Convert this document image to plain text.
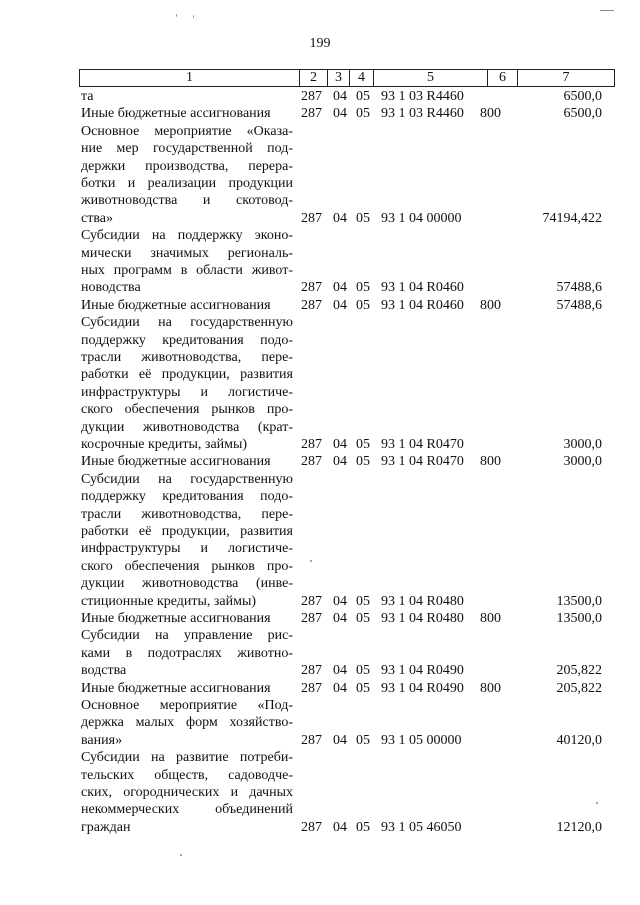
199
1	2	3	4	5	6	7
та	287 04 05 93 1 03 R4460	6500,0
Иные бюджетные ассигнования	287 04 05 93 1 03 R4460 800	6500,0
Основное мероприятие «Оказа-
ние мер государственной под-
держки производства, перера-
ботки и реализации продукции
животноводства и скотовод-
ства»	287 04 05 93 1 04 00000	74194,422
Субсидии на поддержку эконо-
мически значимых региональ-
ных программ в области живот-
новодства	287 04 05 93 1 04 R0460	57488,6
Иные бюджетные ассигнования	287 04 05 93 1 04 R0460 800	57488,6
Субсидии на государственную
поддержку кредитования подо-
трасли животноводства, пере-
работки её продукции, развития
инфраструктуры и логистиче-
ского обеспечения рынков про-
дукции животноводства (крат-
косрочные кредиты, займы)	287 04 05 93 1 04 R0470	3000,0
Иные бюджетные ассигнования	287 04 05 93 1 04 R0470 800	3000,0
Субсидии на государственную
поддержку кредитования подо-
трасли животноводства, пере-
работки её продукции, развития
инфраструктуры и логистиче-
ского обеспечения рынков про-
дукции животноводства (инве-
стиционные кредиты, займы)	287 04 05 93 1 04 R0480	13500,0
Иные бюджетные ассигнования	287 04 05 93 1 04 R0480 800	13500,0
Субсидии на управление рис-
ками в подотраслях животно-
водства	287 04 05 93 1 04 R0490	205,822
Иные бюджетные ассигнования	287 04 05 93 1 04 R0490 800	205,822
Основное мероприятие «Под-
держка малых форм хозяйство-
вания»	287 04 05 93 1 05 00000	40120,0
Субсидии на развитие потреби-
тельских обществ, садоводче-
ских, огороднических и дачных
некоммерческих объединений
граждан	287 04 05 93 1 05 46050	12120,0
